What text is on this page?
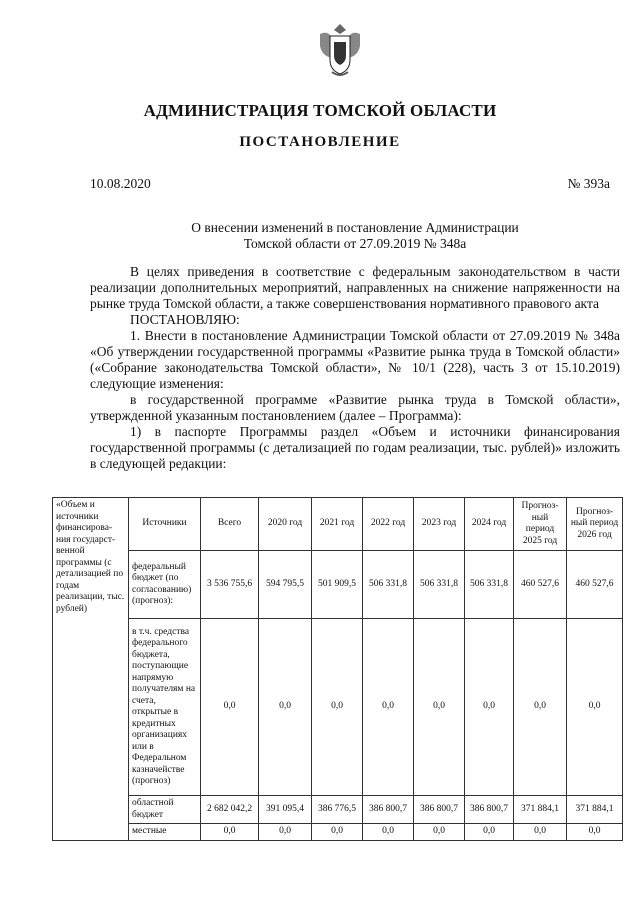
АДМИНИСТРАЦИЯ ТОМСКОЙ ОБЛАСТИ
ПОСТАНОВЛЕНИЕ
10.08.2020	№ 393а
О внесении изменений в постановление Администрации
Томской области от 27.09.2019 № 348а

В целях приведения в соответствие с федеральным законодательством в части реализации дополнительных мероприятий, направленных на снижение напряженности на рынке труда Томской области, а также совершенствования нормативного правового акта

ПОСТАНОВЛЯЮ:

1. Внести в постановление Администрации Томской области от 27.09.2019 № 348а «Об утверждении государственной программы «Развитие рынка труда в Томской области» («Собрание законодательства Томской области», № 10/1 (228), часть 3 от 15.10.2019) следующие изменения:

в государственной программе «Развитие рынка труда в Томской области», утвержденной указанным постановлением (далее – Программа):

1) в паспорте Программы раздел «Объем и источники финансирования государственной программы (с детализацией по годам реализации, тыс. рублей)» изложить в следующей редакции:

«Объем и источники финансирова-ния государст-венной программы (с детализацией по годам реализации, тыс. рублей)	Источники	Всего	2020 год	2021 год	2022 год	2023 год	2024 год	Прогноз-ный период 2025 год	Прогноз-ный период 2026 год
	федеральный бюджет (по согласованию) (прогноз):	3 536 755,6	594 795,5	501 909,5	506 331,8	506 331,8	506 331,8	460 527,6	460 527,6
	в т.ч. средства федерального бюджета, поступающие напрямую получателям на счета, открытые в кредитных организациях или в Федеральном казначействе (прогноз)	0,0	0,0	0,0	0,0	0,0	0,0	0,0	0,0
	областной бюджет	2 682 042,2	391 095,4	386 776,5	386 800,7	386 800,7	386 800,7	371 884,1	371 884,1
	местные	0,0	0,0	0,0	0,0	0,0	0,0	0,0	0,0
